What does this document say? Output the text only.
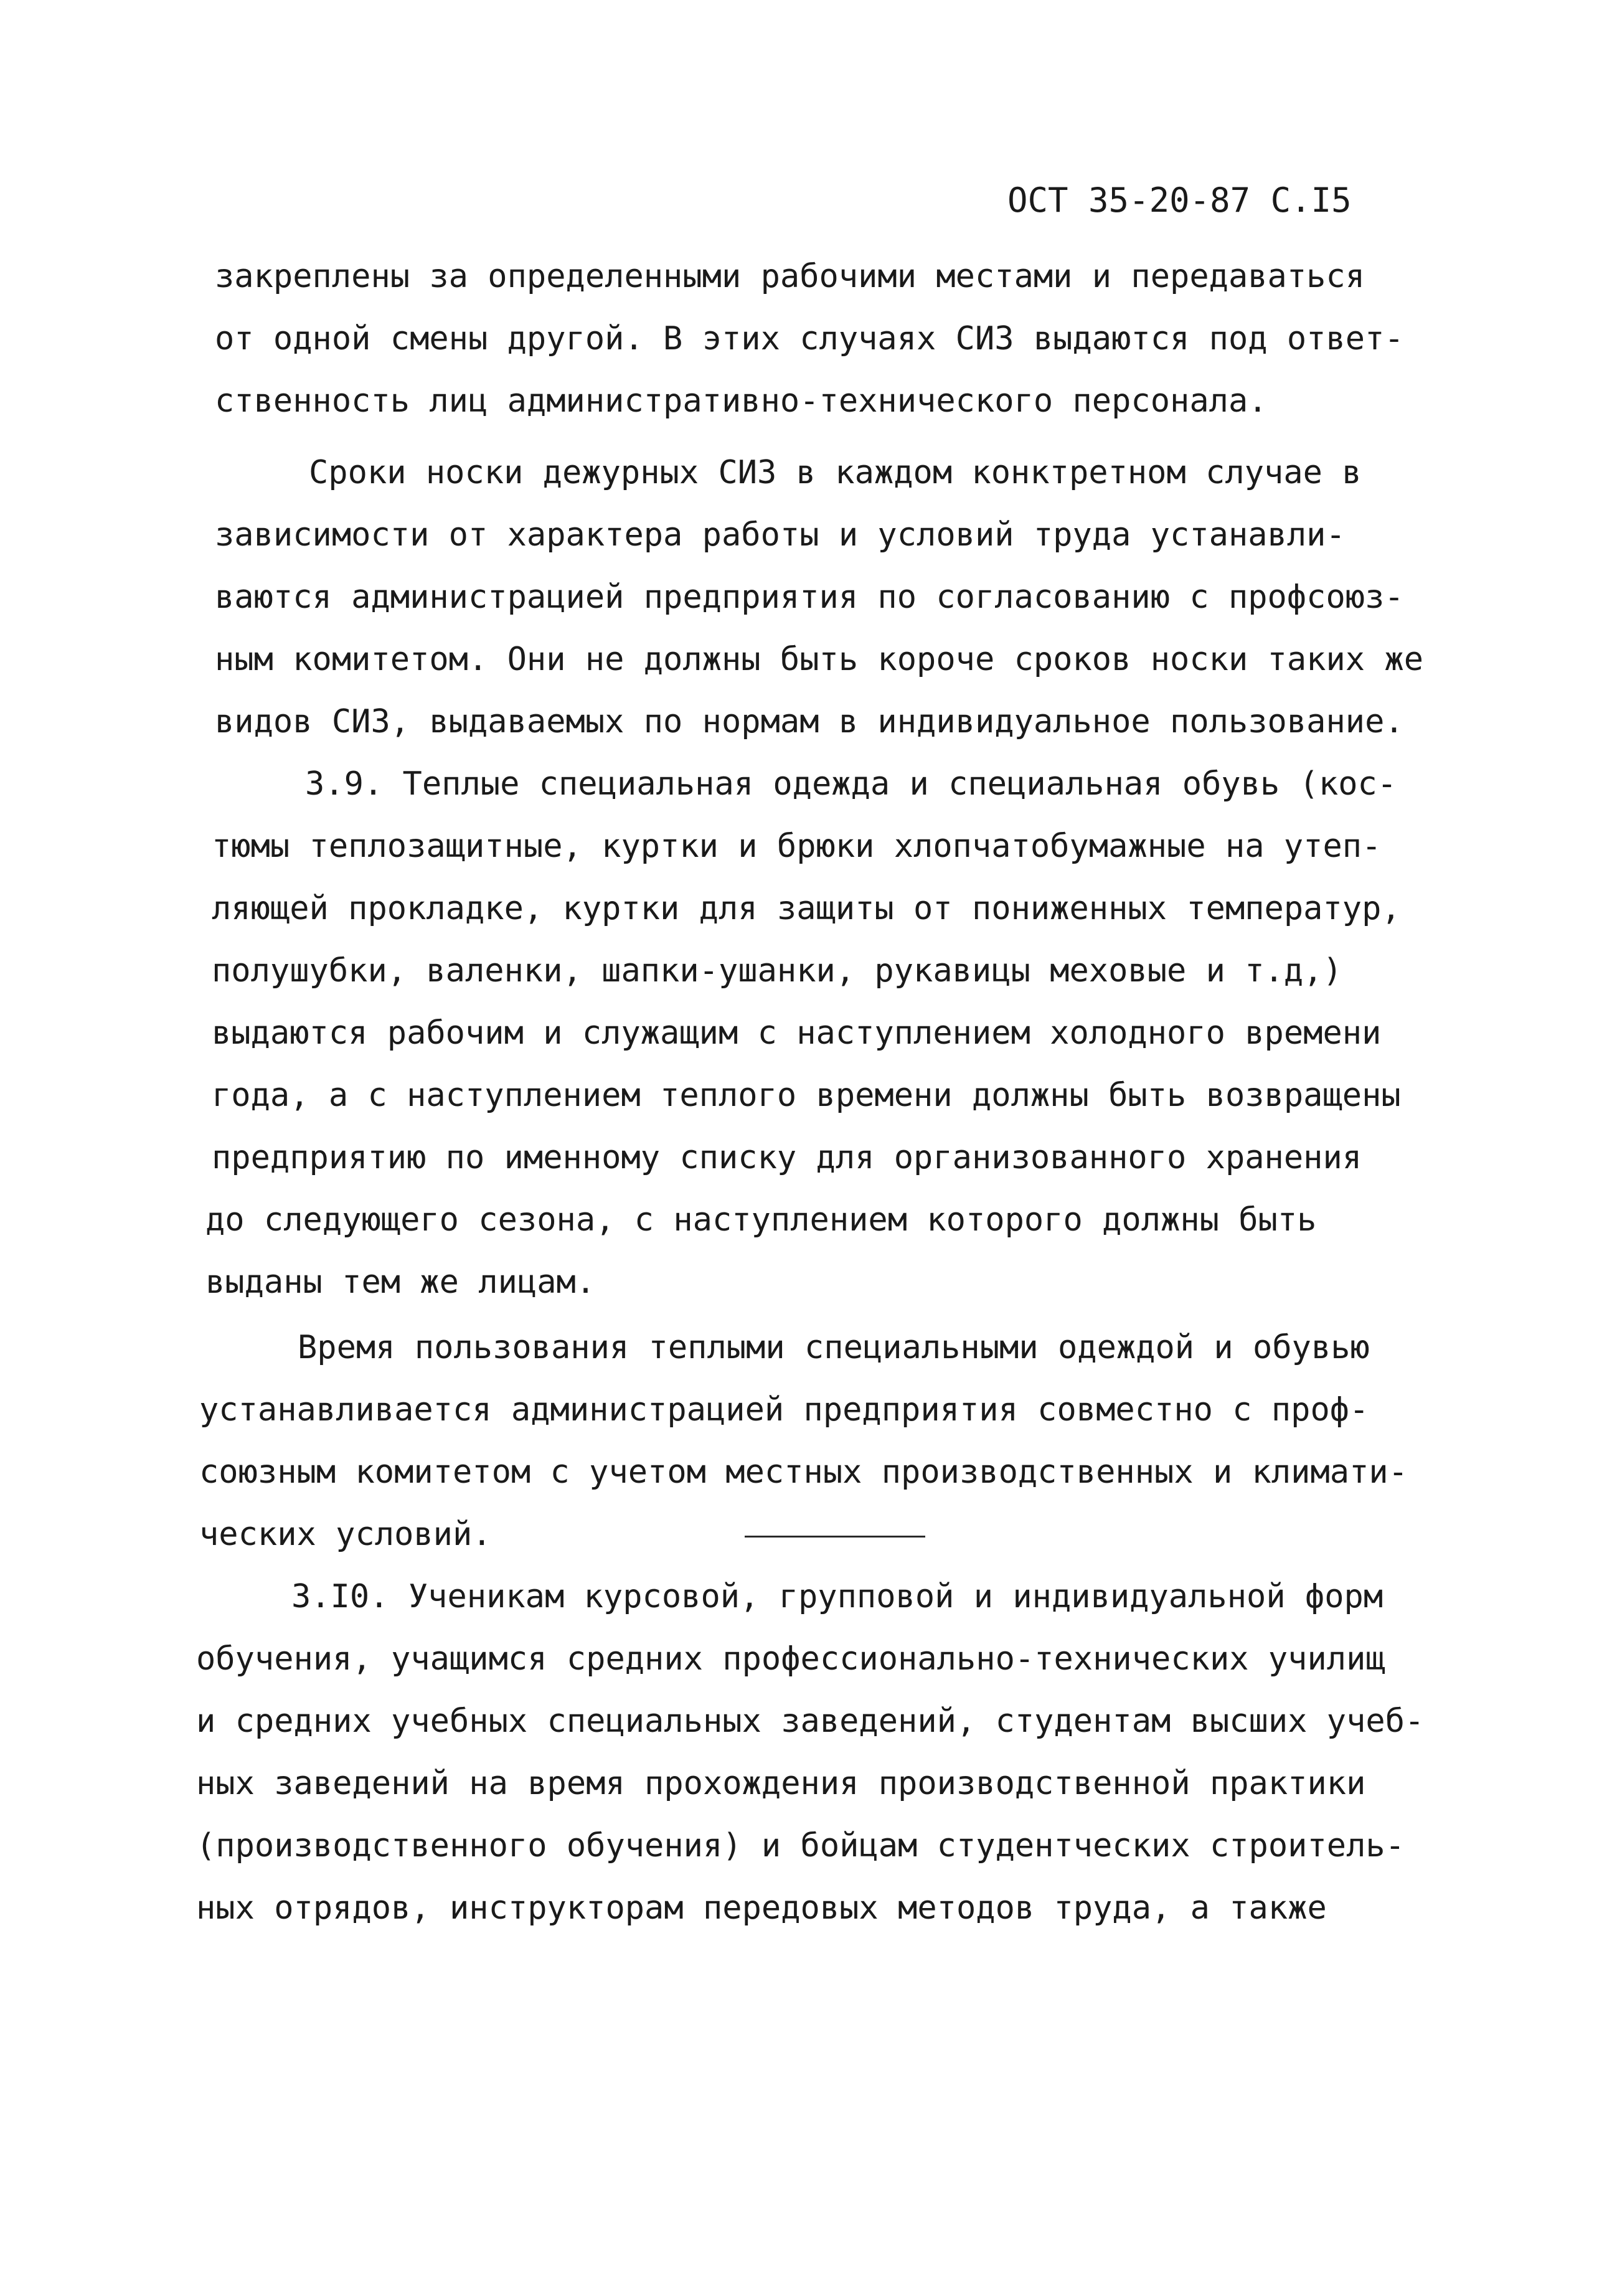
ОСТ 35-20-87 С.I5
закреплены за определенными рабочими местами и передаваться
от одной смены другой. В этих случаях СИЗ выдаются под ответ-
ственность лиц административно-технического персонала.
Сроки носки дежурных СИЗ в каждом конктретном случае в
зависимости от характера работы и условий труда устанавли-
ваются администрацией предприятия по согласованию с профсоюз-
ным комитетом. Они не должны быть короче сроков носки таких же
видов СИЗ, выдаваемых по нормам в индивидуальное пользование.
3.9. Теплые специальная одежда и специальная обувь (кос-
тюмы теплозащитные, куртки и брюки хлопчатобумажные на утеп-
ляющей прокладке, куртки для защиты от пониженных температур,
полушубки, валенки, шапки-ушанки, рукавицы меховые и т.д,)
выдаются рабочим и служащим с наступлением холодного времени
года, а с наступлением теплого времени должны быть возвращены
предприятию по именному списку для организованного хранения
до следующего сезона, с наступлением которого должны быть
выданы тем же лицам.
Время пользования теплыми специальными одеждой и обувью
устанавливается администрацией предприятия совместно с проф-
союзным комитетом с учетом местных производственных и климати-
ческих условий.
3.I0. Ученикам курсовой, групповой и индивидуальной форм
обучения, учащимся средних профессионально-технических училищ
и средних учебных специальных заведений, студентам высших учеб-
ных заведений на время прохождения производственной практики
(производственного обучения) и бойцам студентческих строитель-
ных отрядов, инструкторам передовых методов труда, а также
